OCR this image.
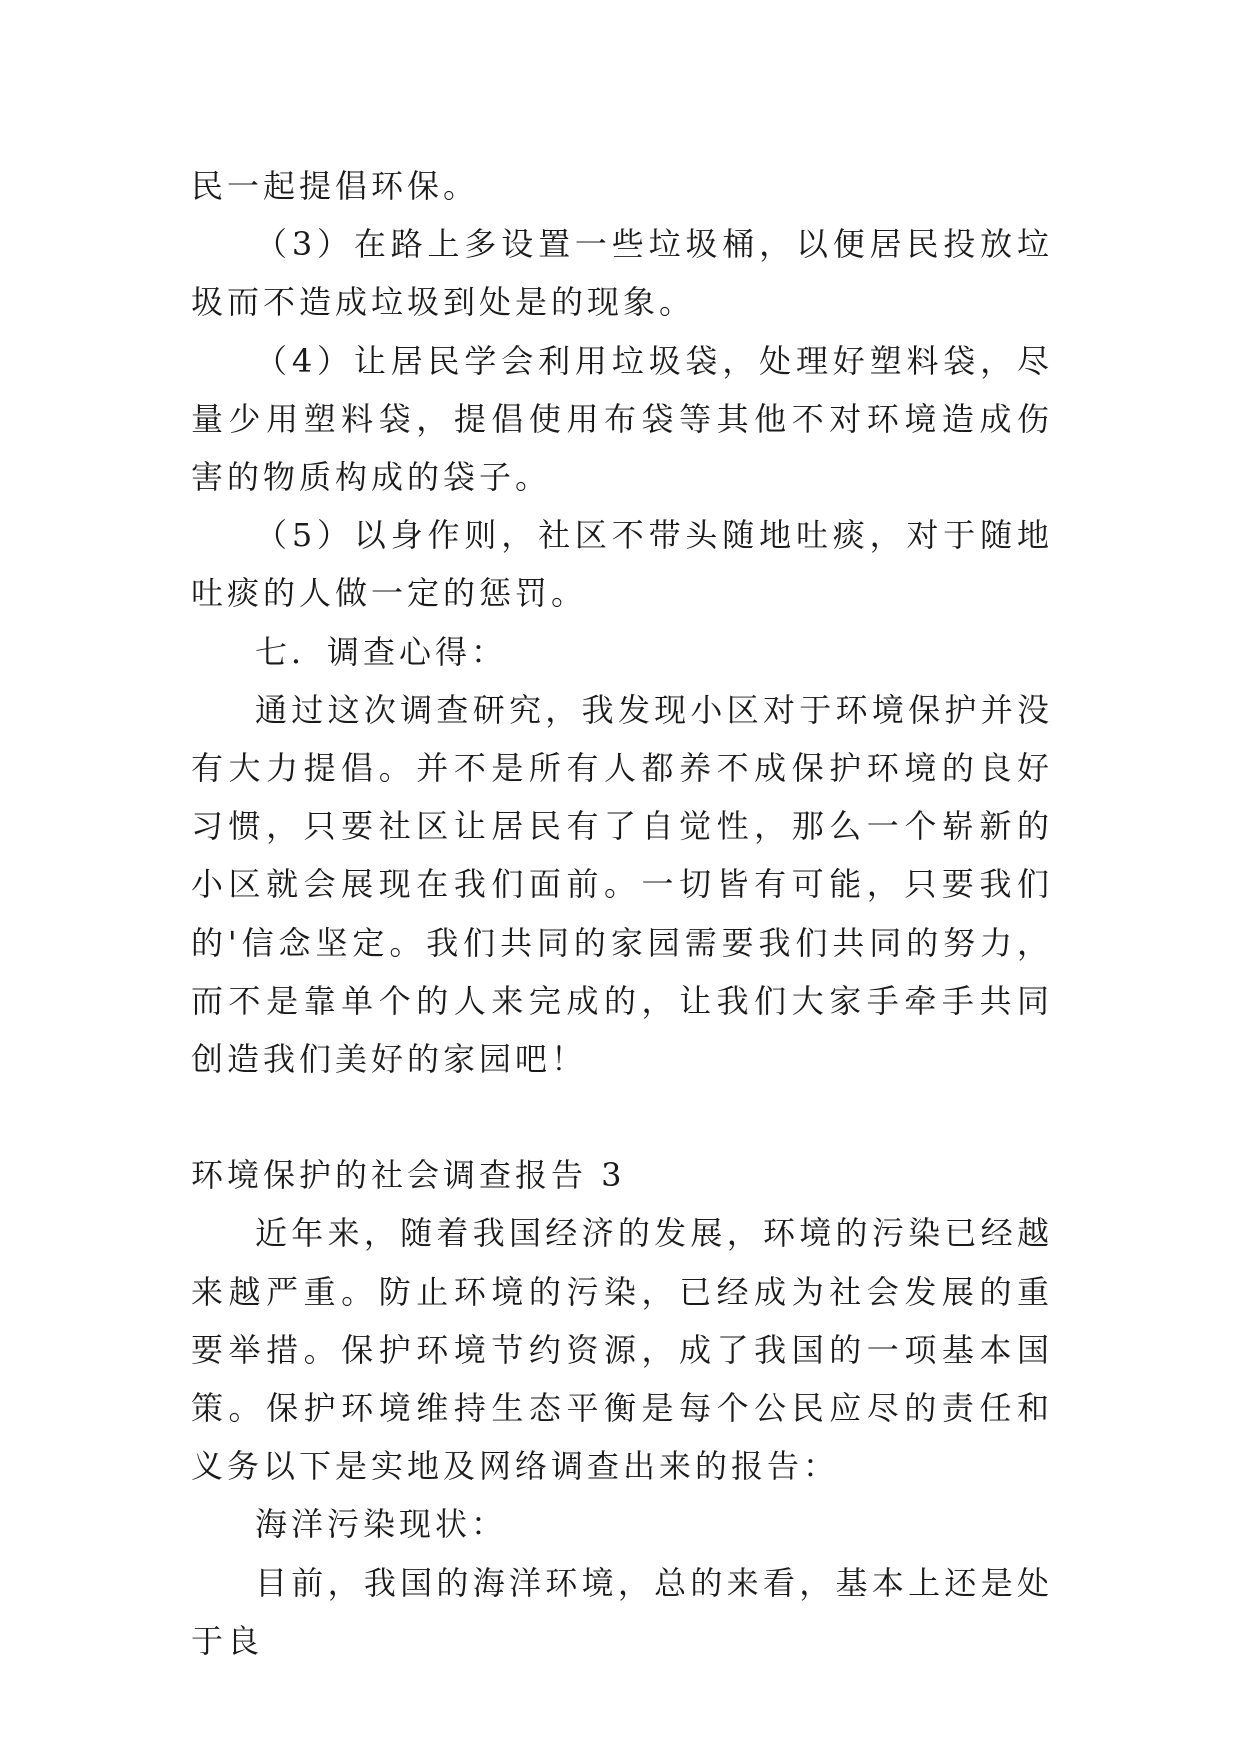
民一起提倡环保。

（3）在路上多设置一些垃圾桶，以便居民投放垃圾而不造成垃圾到处是的现象。

（4）让居民学会利用垃圾袋，处理好塑料袋，尽量少用塑料袋，提倡使用布袋等其他不对环境造成伤害的物质构成的袋子。

（5）以身作则，社区不带头随地吐痰，对于随地吐痰的人做一定的惩罚。

七．调查心得：

通过这次调查研究，我发现小区对于环境保护并没有大力提倡。并不是所有人都养不成保护环境的良好习惯，只要社区让居民有了自觉性，那么一个崭新的小区就会展现在我们面前。一切皆有可能，只要我们的'信念坚定。我们共同的家园需要我们共同的努力，而不是靠单个的人来完成的，让我们大家手牵手共同创造我们美好的家园吧！

环境保护的社会调查报告 3

近年来，随着我国经济的发展，环境的污染已经越来越严重。防止环境的污染，已经成为社会发展的重要举措。保护环境节约资源，成了我国的一项基本国策。保护环境维持生态平衡是每个公民应尽的责任和义务以下是实地及网络调查出来的报告：

海洋污染现状：

目前，我国的海洋环境，总的来看，基本上还是处于良
